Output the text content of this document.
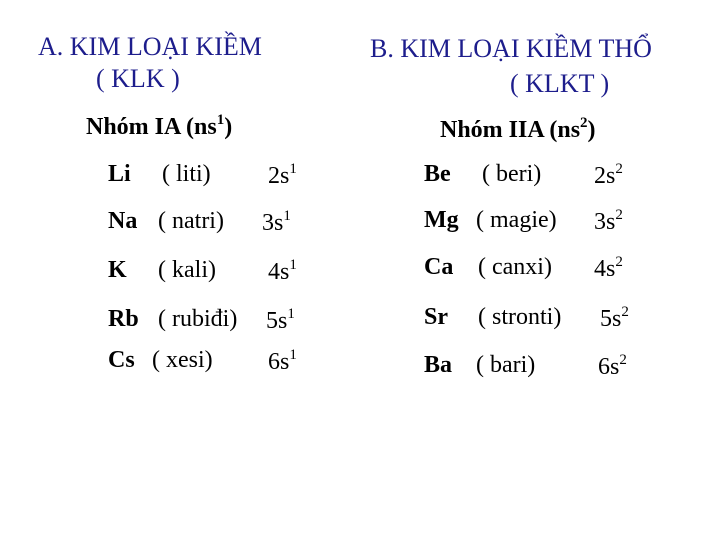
A. KIM LOẠI KIỀM
( KLK )
Nhóm IA $(ns^1)$
Li ( liti) $2s^1$
Na ( natri) $3s^1$
K ( kali) $4s^1$
Rb ( rubiđi) $5s^1$
Cs ( xesi) $6s^1$
B. KIM LOẠI KIỀM THỔ
( KLKT )
Nhóm IIA $(ns^2)$
Be ( beri) $2s^2$
Mg ( magie) $3s^2$
Ca ( canxi) $4s^2$
Sr ( stronti) $5s^2$
Ba ( bari)	$6s^2$
